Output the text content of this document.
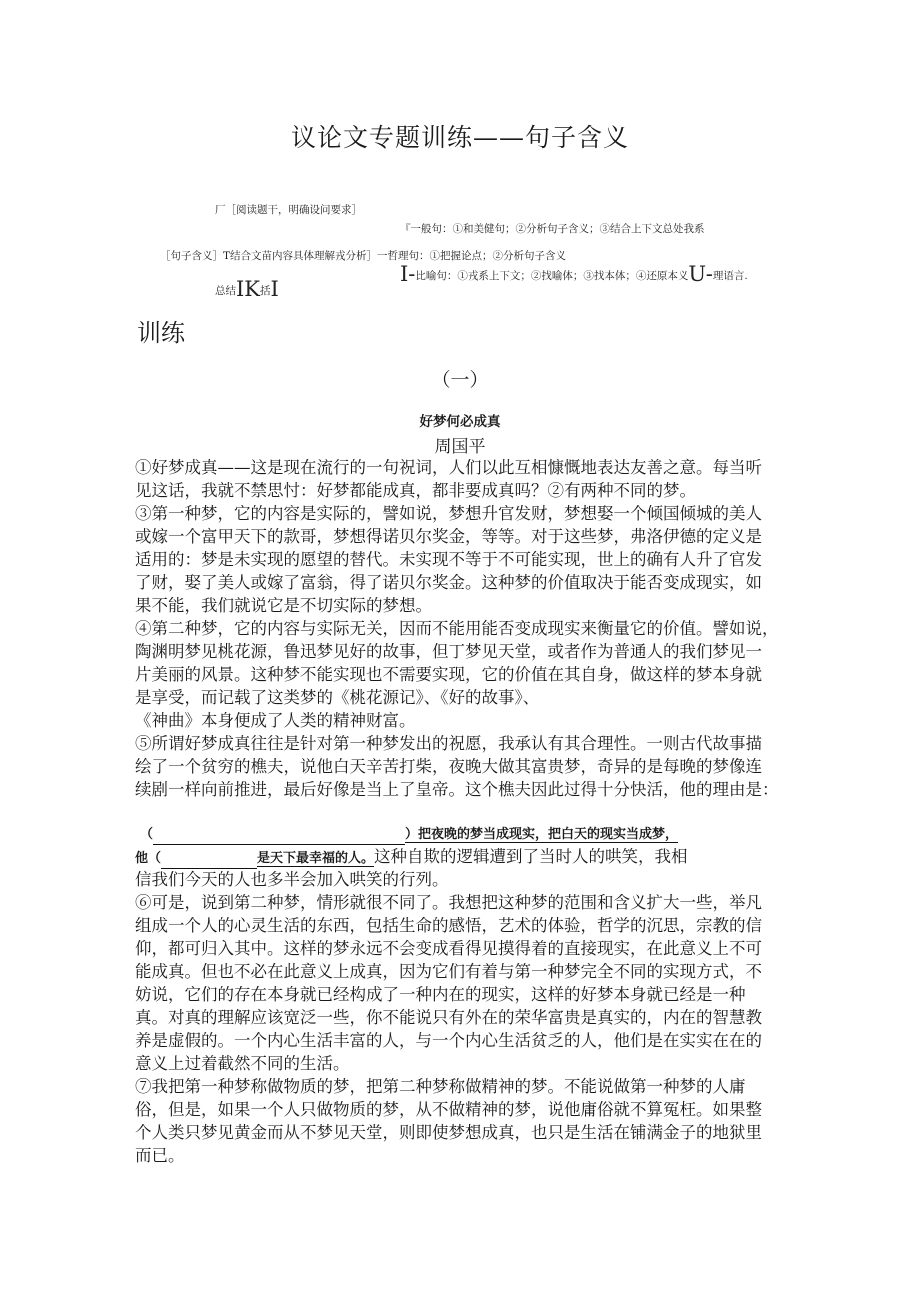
议论文专题训练——句子含义
厂［阅读题干，明确设问要求］
『一般句：①和美健句；②分析句子含义；③结合上下文总处我系
［句子含义］T结合文苗内容具体理解戎分析］一哲理句：①把握论点；②分析句子含义
I-比喻句：①戎系上下文；②找喻体；③找本体；④还原本义U-理语言.
总结IK括I
训练
（一）
好梦何必成真
周国平
①好梦成真——这是现在流行的一句祝词，人们以此互相慷慨地表达友善之意。每当听
见这话，我就不禁思忖：好梦都能成真，都非要成真吗？②有两种不同的梦。
③第一种梦，它的内容是实际的，譬如说，梦想升官发财，梦想娶一个倾国倾城的美人
或嫁一个富甲天下的款哥，梦想得诺贝尔奖金，等等。对于这些梦，弗洛伊德的定义是
适用的：梦是未实现的愿望的替代。未实现不等于不可能实现，世上的确有人升了官发
了财，娶了美人或嫁了富翁，得了诺贝尔奖金。这种梦的价值取决于能否变成现实，如
果不能，我们就说它是不切实际的梦想。
④第二种梦，它的内容与实际无关，因而不能用能否变成现实来衡量它的价值。譬如说，
陶渊明梦见桃花源，鲁迅梦见好的故事，但丁梦见天堂，或者作为普通人的我们梦见一
片美丽的风景。这种梦不能实现也不需要实现，它的价值在其自身，做这样的梦本身就
是享受，而记载了这类梦的《桃花源记》、《好的故事》、
《神曲》本身便成了人类的精神财富。
⑤所谓好梦成真往往是针对第一种梦发出的祝愿，我承认有其合理性。一则古代故事描
绘了一个贫穷的樵夫，说他白天辛苦打柴，夜晚大做其富贵梦，奇异的是每晚的梦像连
续剧一样向前推进，最后好像是当上了皇帝。这个樵夫因此过得十分快活，他的理由是：
（	）把夜晚的梦当成现实，把白天的现实当成梦，
他（	是天下最幸福的人。这种自欺的逻辑遭到了当时人的哄笑，我相
信我们今天的人也多半会加入哄笑的行列。
⑥可是，说到第二种梦，情形就很不同了。我想把这种梦的范围和含义扩大一些，举凡
组成一个人的心灵生活的东西，包括生命的感悟，艺术的体验，哲学的沉思，宗教的信
仰，都可归入其中。这样的梦永远不会变成看得见摸得着的直接现实，在此意义上不可
能成真。但也不必在此意义上成真，因为它们有着与第一种梦完全不同的实现方式，不
妨说，它们的存在本身就已经构成了一种内在的现实，这样的好梦本身就已经是一种
真。对真的理解应该宽泛一些，你不能说只有外在的荣华富贵是真实的，内在的智慧教
养是虚假的。一个内心生活丰富的人，与一个内心生活贫乏的人，他们是在实实在在的
意义上过着截然不同的生活。
⑦我把第一种梦称做物质的梦，把第二种梦称做精神的梦。不能说做第一种梦的人庸
俗，但是，如果一个人只做物质的梦，从不做精神的梦，说他庸俗就不算冤枉。如果整
个人类只梦见黄金而从不梦见天堂，则即使梦想成真，也只是生活在铺满金子的地狱里
而已。
